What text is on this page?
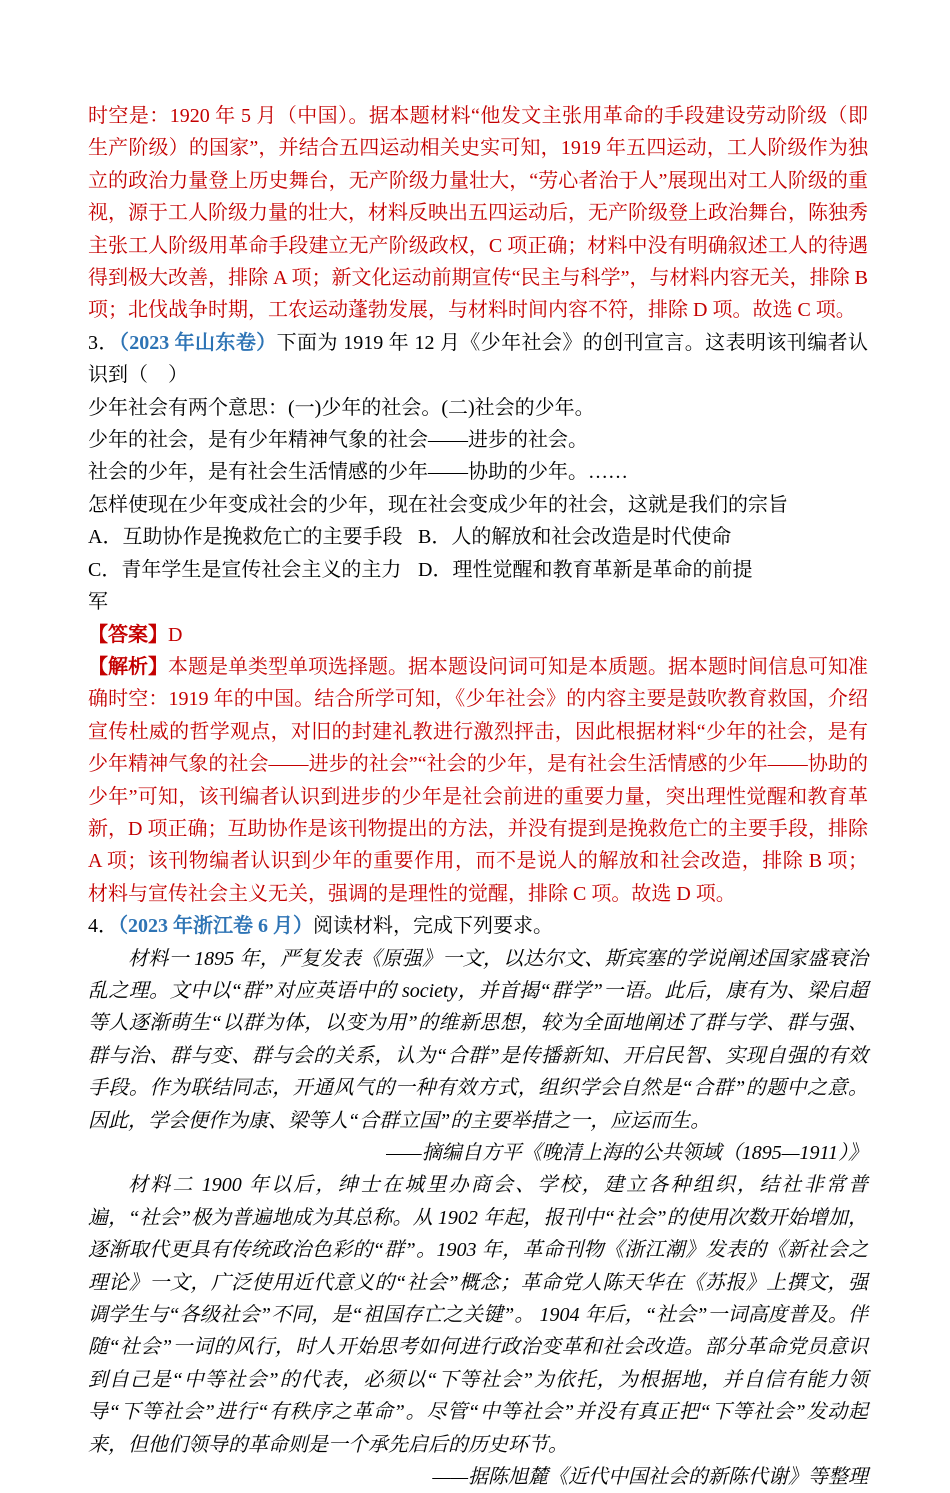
时空是：1920 年 5 月（中国）。据本题材料“他发文主张用革命的手段建设劳动阶级（即生产阶级）的国家”，并结合五四运动相关史实可知，1919 年五四运动，工人阶级作为独立的政治力量登上历史舞台，无产阶级力量壮大，“劳心者治于人”展现出对工人阶级的重视，源于工人阶级力量的壮大，材料反映出五四运动后，无产阶级登上政治舞台，陈独秀主张工人阶级用革命手段建立无产阶级政权，C 项正确；材料中没有明确叙述工人的待遇得到极大改善，排除 A 项；新文化运动前期宣传“民主与科学”，与材料内容无关，排除 B 项；北伐战争时期，工农运动蓬勃发展，与材料时间内容不符，排除 D 项。故选 C 项。

3．（2023 年山东卷）下面为 1919 年 12 月《少年社会》的创刊宣言。这表明该刊编者认识到（　）

少年社会有两个意思：(一)少年的社会。(二)社会的少年。

少年的社会，是有少年精神气象的社会——进步的社会。

社会的少年，是有社会生活情感的少年——协助的少年。……

怎样使现在少年变成社会的少年，现在社会变成少年的社会，这就是我们的宗旨

A．互助协作是挽救危亡的主要手段 B．人的解放和社会改造是时代使命

C．青年学生是宣传社会主义的主力军

D．理性觉醒和教育革新是革命的前提

【答案】D

【解析】本题是单类型单项选择题。据本题设问词可知是本质题。据本题时间信息可知准确时空：1919 年的中国。结合所学可知，《少年社会》的内容主要是鼓吹教育救国，介绍宣传杜威的哲学观点，对旧的封建礼教进行激烈抨击，因此根据材料“少年的社会，是有少年精神气象的社会——进步的社会”“社会的少年，是有社会生活情感的少年——协助的少年”可知，该刊编者认识到进步的少年是社会前进的重要力量，突出理性觉醒和教育革新，D 项正确；互助协作是该刊物提出的方法，并没有提到是挽救危亡的主要手段，排除 A 项；该刊物编者认识到少年的重要作用，而不是说人的解放和社会改造，排除 B 项；材料与宣传社会主义无关，强调的是理性的觉醒，排除 C 项。故选 D 项。

4．（2023 年浙江卷 6 月）阅读材料，完成下列要求。

材料一 1895 年，严复发表《原强》一文，以达尔文、斯宾塞的学说阐述国家盛衰治乱之理。文中以“群”对应英语中的 society，并首揭“群学”一语。此后，康有为、梁启超等人逐渐萌生“以群为体，以变为用”的维新思想，较为全面地阐述了群与学、群与强、群与治、群与变、群与会的关系，认为“合群”是传播新知、开启民智、实现自强的有效手段。作为联结同志，开通风气的一种有效方式，组织学会自然是“合群”的题中之意。 因此，学会便作为康、梁等人“合群立国”的主要举措之一，应运而生。

——摘编自方平《晚清上海的公共领域（1895—1911）》

材料二 1900 年以后，绅士在城里办商会、学校，建立各种组织，结社非常普遍，“社会”极为普遍地成为其总称。从 1902 年起，报刊中“社会”的使用次数开始增加，逐渐取代更具有传统政治色彩的“群”。1903 年，革命刊物《浙江潮》发表的《新社会之理论》一文，广泛使用近代意义的“社会”概念；革命党人陈天华在《苏报》上撰文，强调学生与“各级社会”不同，是“祖国存亡之关键”。 1904 年后，“社会”一词高度普及。伴随“社会”一词的风行，时人开始思考如何进行政治变革和社会改造。部分革命党员意识到自己是“中等社会”的代表，必须以“下等社会”为依托，为根据地，并自信有能力领导“下等社会”进行“有秩序之革命”。尽管“中等社会”并没有真正把“下等社会”发动起来，但他们领导的革命则是一个承先启后的历史环节。

——据陈旭麓《近代中国社会的新陈代谢》等整理
